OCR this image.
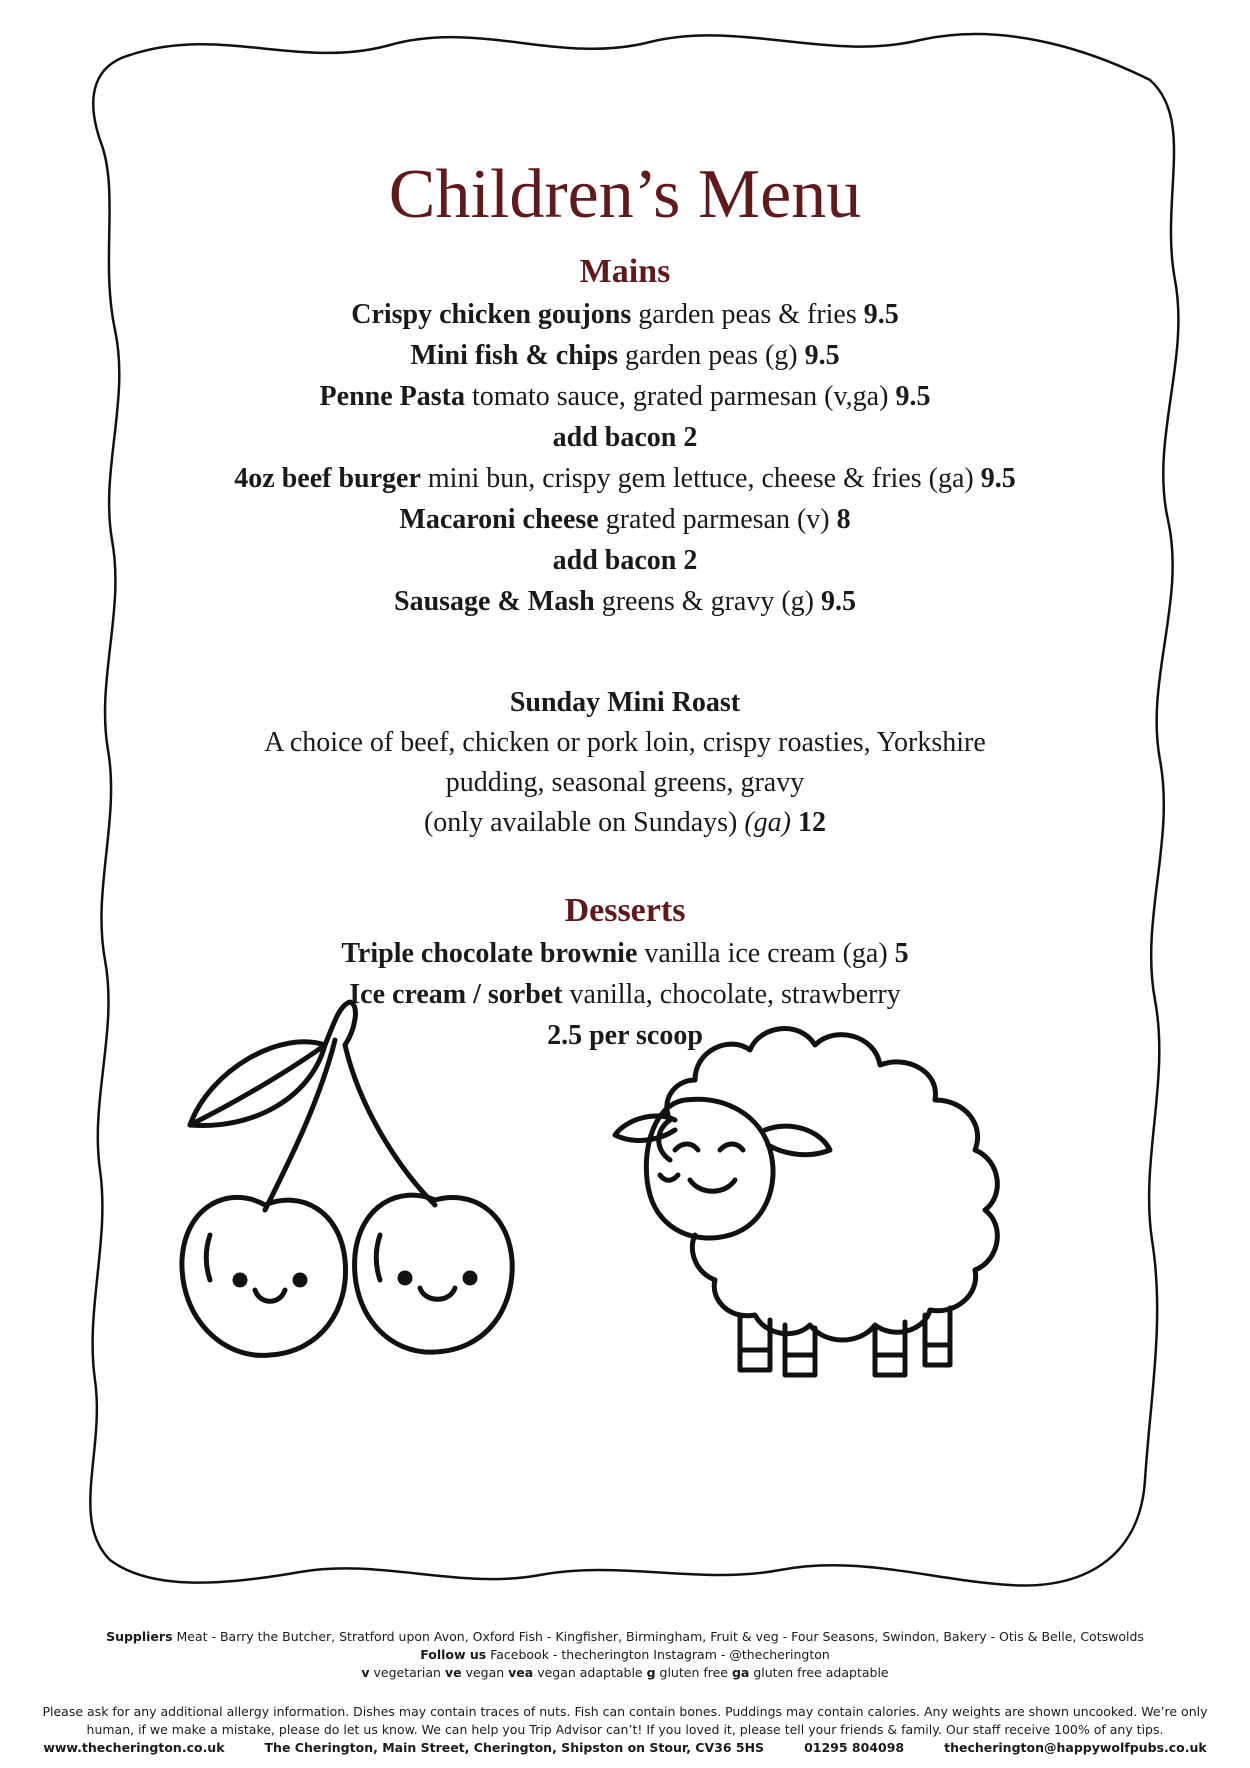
Children’s Menu
Mains

Crispy chicken goujons garden peas & fries 9.5

Mini fish & chips garden peas (g) 9.5

Penne Pasta tomato sauce, grated parmesan (v,ga) 9.5

add bacon 2

4oz beef burger mini bun, crispy gem lettuce, cheese & fries (ga) 9.5

Macaroni cheese grated parmesan (v) 8

add bacon 2

Sausage & Mash greens & gravy (g) 9.5

Sunday Mini Roast

A choice of beef, chicken or pork loin, crispy roasties, Yorkshire
pudding, seasonal greens, gravy
(only available on Sundays) (ga) 12

Desserts

Triple chocolate brownie vanilla ice cream (ga) 5

Ice cream / sorbet vanilla, chocolate, strawberry

2.5 per scoop

Suppliers Meat - Barry the Butcher, Stratford upon Avon, Oxford Fish - Kingfisher, Birmingham, Fruit & veg - Four Seasons, Swindon, Bakery - Otis & Belle, Cotswolds
Follow us Facebook - thecherington Instagram - @thecherington
v vegetarian ve vegan vea vegan adaptable g gluten free ga gluten free adaptable
Please ask for any additional allergy information. Dishes may contain traces of nuts. Fish can contain bones. Puddings may contain calories. Any weights are shown uncooked. We’re only
human, if we make a mistake, please do let us know. We can help you Trip Advisor can’t! If you loved it, please tell your friends & family. Our staff receive 100% of any tips.
www.thecherington.co.uk	The Cherington, Main Street, Cherington, Shipston on Stour, CV36 5HS	01295 804098	thecherington@happywolfpubs.co.uk
